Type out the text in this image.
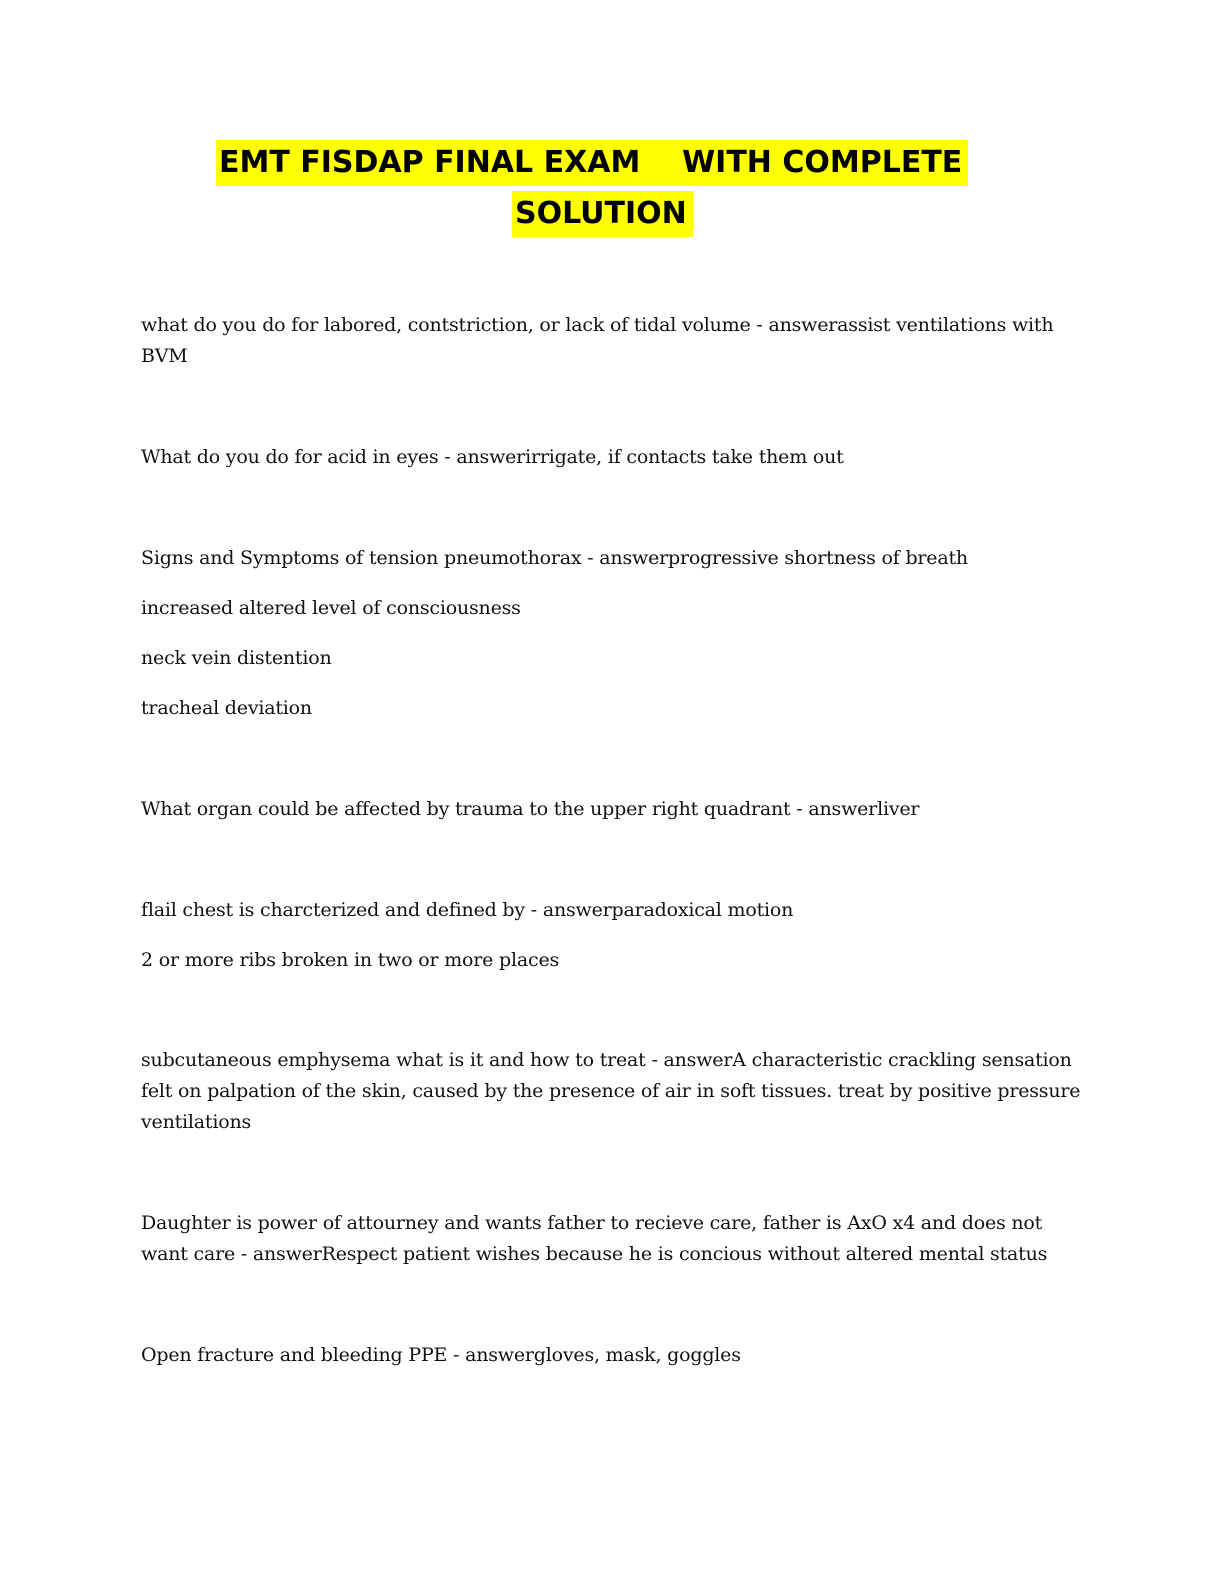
EMT FISDAP FINAL EXAM    WITH COMPLETE
SOLUTION

what do you do for labored, contstriction, or lack of tidal volume - answerassist ventilations with BVM

What do you do for acid in eyes - answerirrigate, if contacts take them out

Signs and Symptoms of tension pneumothorax - answerprogressive shortness of breath

increased altered level of consciousness

neck vein distention

tracheal deviation

What organ could be affected by trauma to the upper right quadrant - answerliver

flail chest is charcterized and defined by - answerparadoxical motion

2 or more ribs broken in two or more places

subcutaneous emphysema what is it and how to treat - answerA characteristic crackling sensation felt on palpation of the skin, caused by the presence of air in soft tissues. treat by positive pressure ventilations

Daughter is power of attourney and wants father to recieve care, father is AxO x4 and does not want care - answerRespect patient wishes because he is concious without altered mental status

Open fracture and bleeding PPE - answergloves, mask, goggles
